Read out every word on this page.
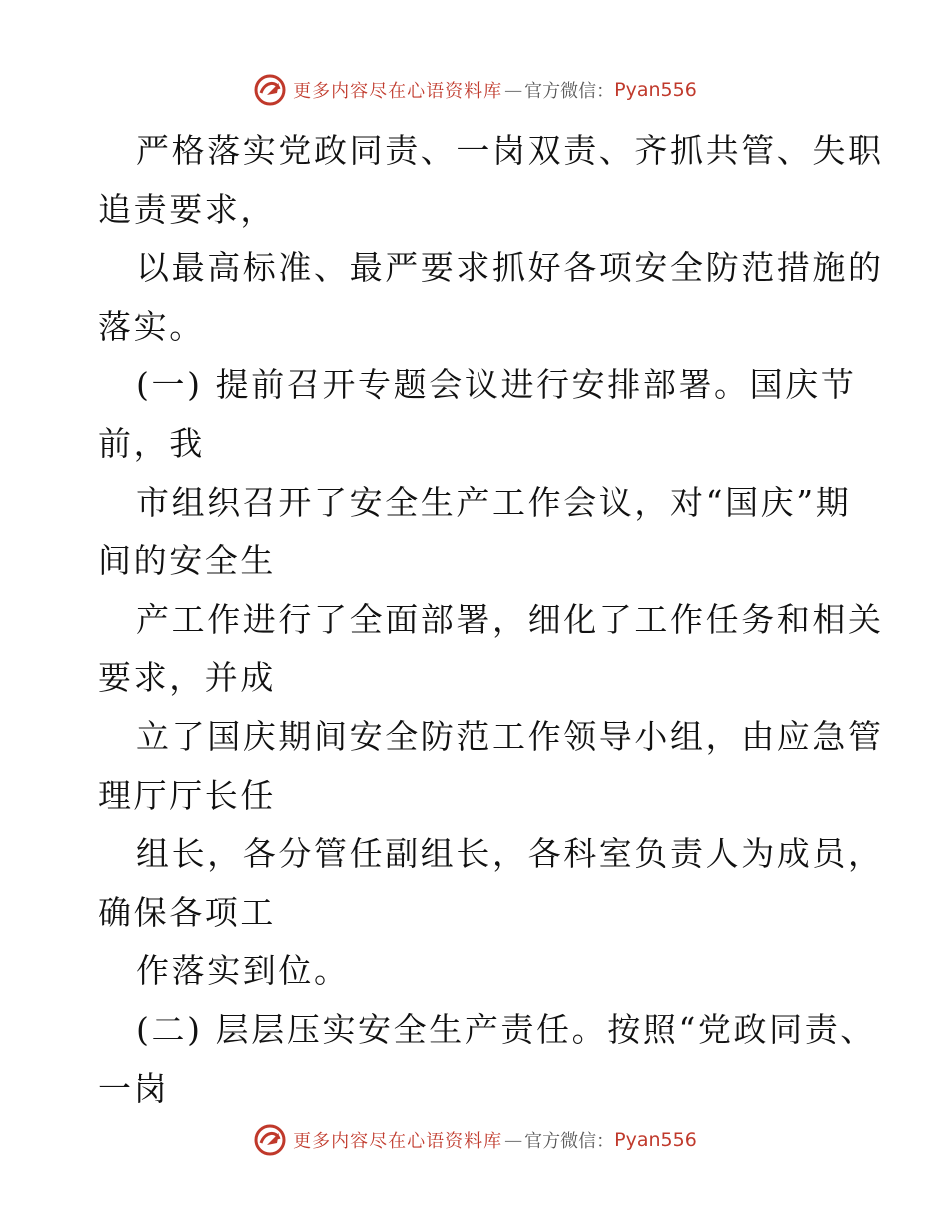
更多内容尽在心语资料库 — 官方微信： Pyan556
严格落实党政同责、一岗双责、齐抓共管、失职
追责要求，
以最高标准、最严要求抓好各项安全防范措施的
落实。
(一) 提前召开专题会议进行安排部署。国庆节
前，我
市组织召开了安全生产工作会议，对“国庆”期
间的安全生
产工作进行了全面部署，细化了工作任务和相关
要求，并成
立了国庆期间安全防范工作领导小组，由应急管
理厅厅长任
组长，各分管任副组长，各科室负责人为成员，
确保各项工
作落实到位。
(二) 层层压实安全生产责任。按照“党政同责、
一岗
更多内容尽在心语资料库 — 官方微信： Pyan556
